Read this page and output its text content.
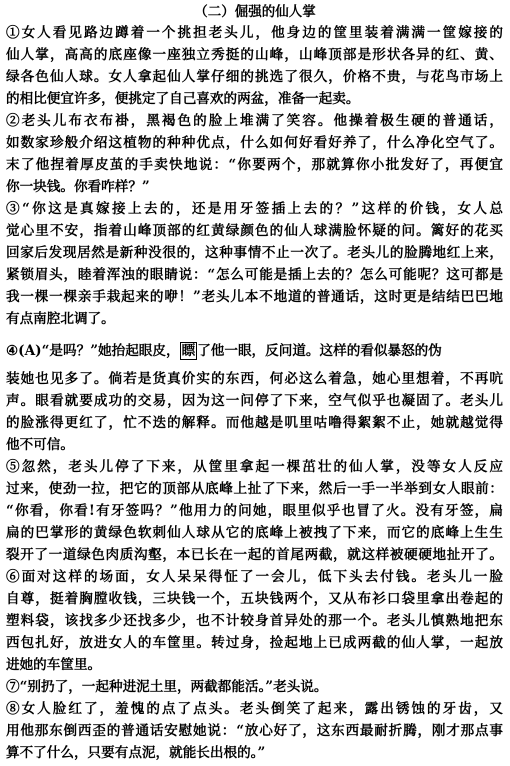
（二）倔强的仙人掌
①女人看见路边蹲着一个挑担老头儿，他身边的筐里装着满满一筐嫁接的
仙人掌，高高的底座像一座独立秀挺的山峰，山峰顶部是形状各异的红、黄、
绿各色仙人球。女人拿起仙人掌仔细的挑选了很久，价格不贵，与花鸟市场上
的相比便宜许多，便挑定了自己喜欢的两盆，准备一起卖。
②老头儿布衣布褂，黑褐色的脸上堆满了笑容。他操着极生硬的普通话，
如数家珍般介绍这植物的种种优点，什么如何好看好养了，什么净化空气了。
末了他捏着厚皮茧的手卖快地说：“你要两个，那就算你小批发好了，再便宜
你一块钱。你看咋样？”
③“你这是真嫁接上去的，还是用牙签插上去的？”这样的价钱，女人总
觉心里不安，指着山峰顶部的红黄绿颜色的仙人球满脸怀疑的问。篱好的花买
回家后发现居然是新种没很的，这种事情不止一次了。老头儿的脸腾地红上来，
紧锁眉头，睦着浑浊的眼睛说：“怎么可能是插上去的？怎么可能呢？这可都是
我一棵一棵亲手栽起来的咿！”老头儿本不地道的普通话，这时更是结结巴巴地
有点南腔北调了。
④(A)“是吗？”她抬起眼皮， 瞟 了他一眼，反问道。这样的看似暴怒的伪
装她也见多了。倘若是货真价实的东西，何必这么着急，她心里想着，不再吭
声。眼看就要成功的交易，因为这一问停了下来，空气似乎也凝固了。老头儿
的脸涨得更红了，忙不迭的解释。而他越是叽里咕噜得絮絮不止，她就越觉得
他不可信。
⑤忽然，老头儿停了下来，从筐里拿起一棵茁壮的仙人掌，没等女人反应
过来，使劲一拉，把它的顶部从底峰上扯了下来，然后一手一半举到女人眼前：
“你看，你看!有牙签吗？”他用力的问她，眼里似乎也冒了火。没有牙签，扁
扁的巴掌形的黄绿色软刺仙人球从它的底峰上被拽了下来，而它的底峰上生生
裂开了一道绿色肉质沟壑，本已长在一起的首尾两截，就这样被硬硬地扯开了。
⑥面对这样的场面，女人呆呆得怔了一会儿，低下头去付钱。老头儿一脸
自尊，挺着胸膛收钱，三块钱一个，五块钱两个，又从布衫口袋里拿出卷起的
塑料袋，该找多少还找多少，也不计较身首异处的那一个。老头儿慎熟地把东
西包扎好，放进女人的车筐里。转过身，捡起地上已成两截的仙人掌，一起放
进她的车筐里。
⑦“别扔了，一起种进泥土里，两截都能活。”老头说。
⑧女人脸红了，羞愧的点了点头。老头倒笑了起来，露出锈蚀的牙齿，又
用他那东倒西歪的普通话安慰她说：“放心好了，这东西最耐折腾，刚才那点事
算不了什么，只要有点泥，就能长出根的。”
